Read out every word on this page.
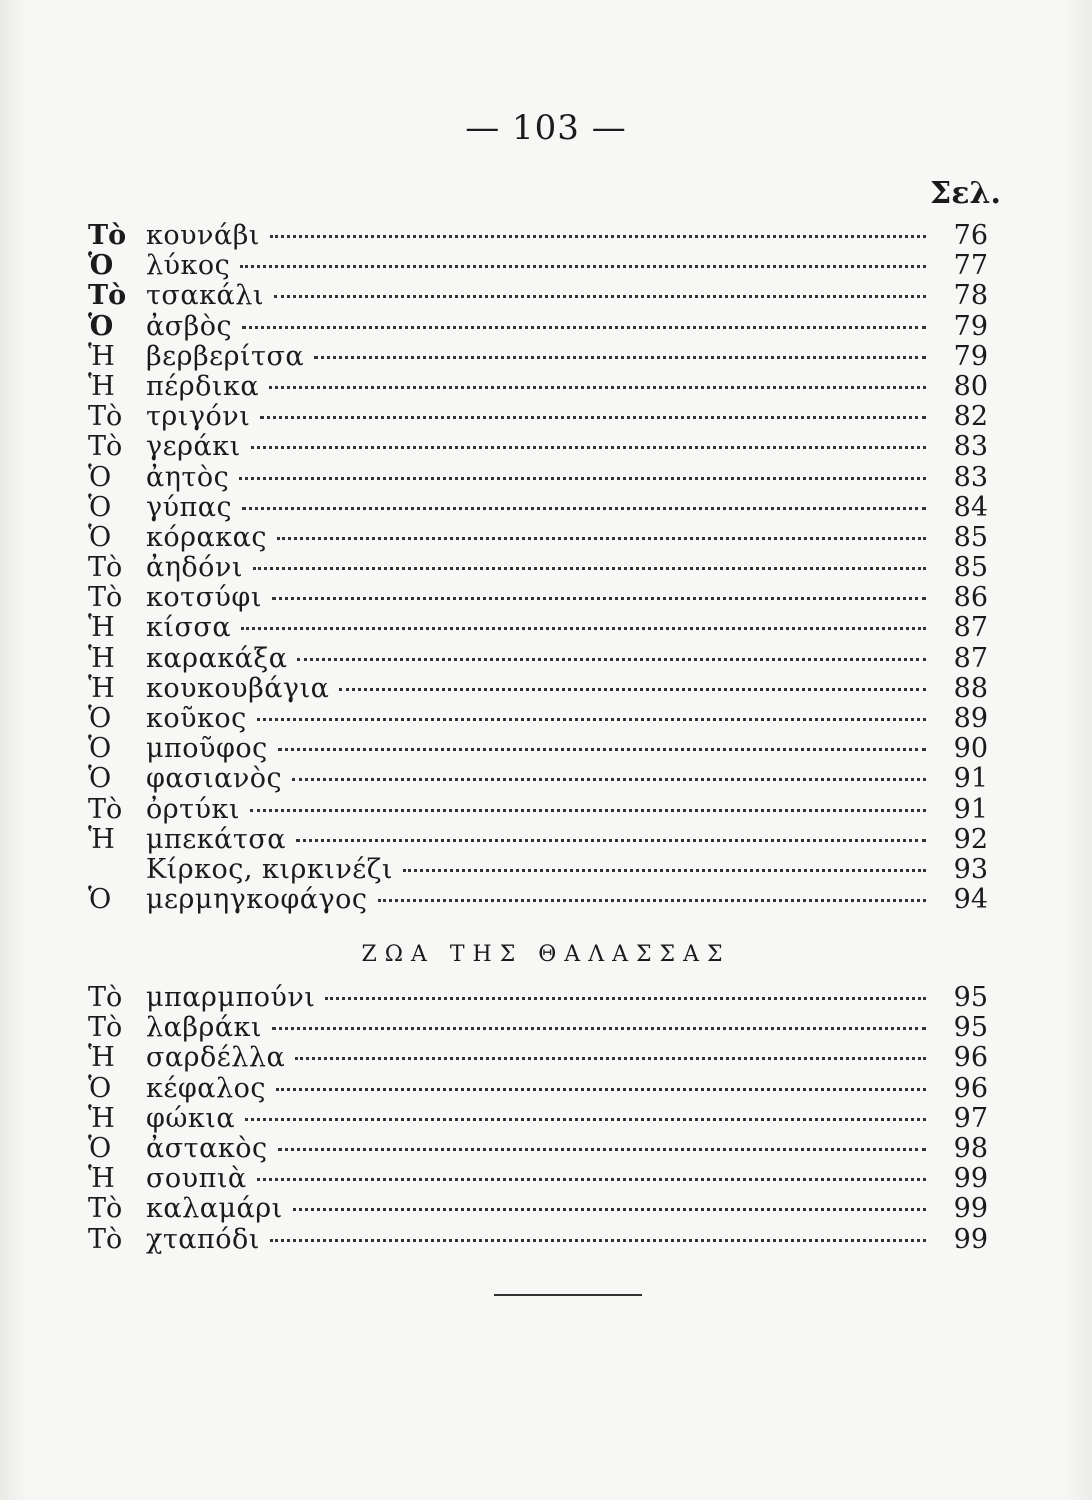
— 103 —
Σελ.
Τὸ κουνάβι	76
Ὁ	λύκος	77
Τὸ τσακάλι	78
Ὁ	ἀσβὸς	79
Ἡ	βερβερίτσα	79
Ἡ	πέρδικα	80
Τὸ τριγόνι	82
Τὸ γεράκι	83
Ὁ	ἀητὸς	83
Ὁ	γύπας	84
Ὁ	κόρακας	85
Τὸ ἀηδόνι	85
Τὸ κοτσύφι	86
Ἡ	κίσσα	87
Ἡ	καρακάξα	87
Ἡ	κουκουβάγια	88
Ὁ	κοῦκος	89
Ὁ	μποῦφος	90
Ὁ	φασιανὸς	91
Τὸ ὀρτύκι	91
Ἡ	μπεκάτσα	92
Κίρκος, κιρκινέζι	93
Ὁ	μερμηγκοφάγος	94
ΖΩΑ ΤΗΣ ΘΑΛΑΣΣΑΣ
Τὸ μπαρμπούνι	95
Τὸ λαβράκι	95
Ἡ	σαρδέλλα	96
Ὁ	κέφαλος	96
Ἡ	φώκια	97
Ὁ	ἀστακὸς	98
Ἡ	σουπιὰ	99
Τὸ καλαμάρι	99
Τὸ χταπόδι	99
